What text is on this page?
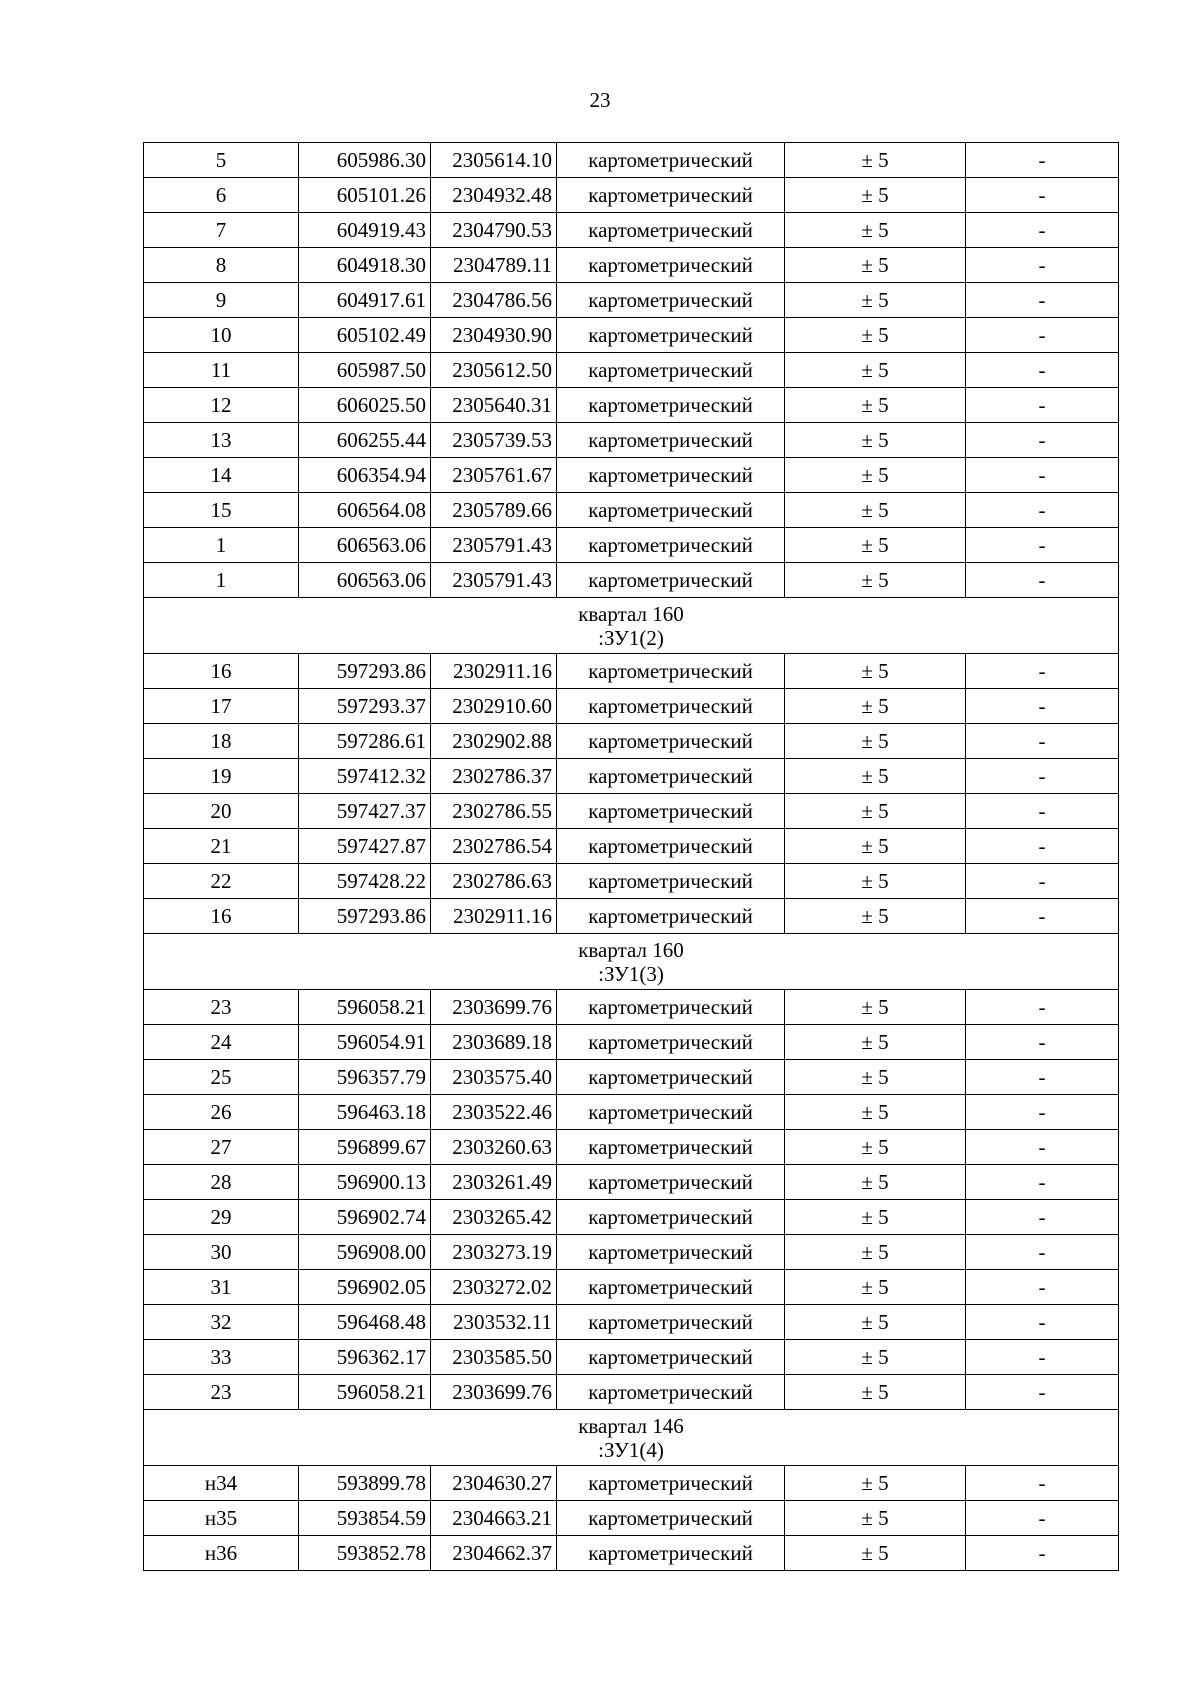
23
5	605986.30	2305614.10	картометрический	± 5	-
6	605101.26	2304932.48	картометрический	± 5	-
7	604919.43	2304790.53	картометрический	± 5	-
8	604918.30	2304789.11	картометрический	± 5	-
9	604917.61	2304786.56	картометрический	± 5	-
10	605102.49	2304930.90	картометрический	± 5	-
11	605987.50	2305612.50	картометрический	± 5	-
12	606025.50	2305640.31	картометрический	± 5	-
13	606255.44	2305739.53	картометрический	± 5	-
14	606354.94	2305761.67	картометрический	± 5	-
15	606564.08	2305789.66	картометрический	± 5	-
1	606563.06	2305791.43	картометрический	± 5	-
1	606563.06	2305791.43	картометрический	± 5	-

квартал 160
:ЗУ1(2)					

16	597293.86	2302911.16	картометрический	± 5	-
17	597293.37	2302910.60	картометрический	± 5	-
18	597286.61	2302902.88	картометрический	± 5	-
19	597412.32	2302786.37	картометрический	± 5	-
20	597427.37	2302786.55	картометрический	± 5	-
21	597427.87	2302786.54	картометрический	± 5	-
22	597428.22	2302786.63	картометрический	± 5	-
16	597293.86	2302911.16	картометрический	± 5	-

квартал 160
:ЗУ1(3)					

23	596058.21	2303699.76	картометрический	± 5	-
24	596054.91	2303689.18	картометрический	± 5	-
25	596357.79	2303575.40	картометрический	± 5	-
26	596463.18	2303522.46	картометрический	± 5	-
27	596899.67	2303260.63	картометрический	± 5	-
28	596900.13	2303261.49	картометрический	± 5	-
29	596902.74	2303265.42	картометрический	± 5	-
30	596908.00	2303273.19	картометрический	± 5	-
31	596902.05	2303272.02	картометрический	± 5	-
32	596468.48	2303532.11	картометрический	± 5	-
33	596362.17	2303585.50	картометрический	± 5	-
23	596058.21	2303699.76	картометрический	± 5	-

квартал 146
:ЗУ1(4)					

н34	593899.78	2304630.27	картометрический	± 5	-
н35	593854.59	2304663.21	картометрический	± 5	-
н36	593852.78	2304662.37	картометрический	± 5	-
